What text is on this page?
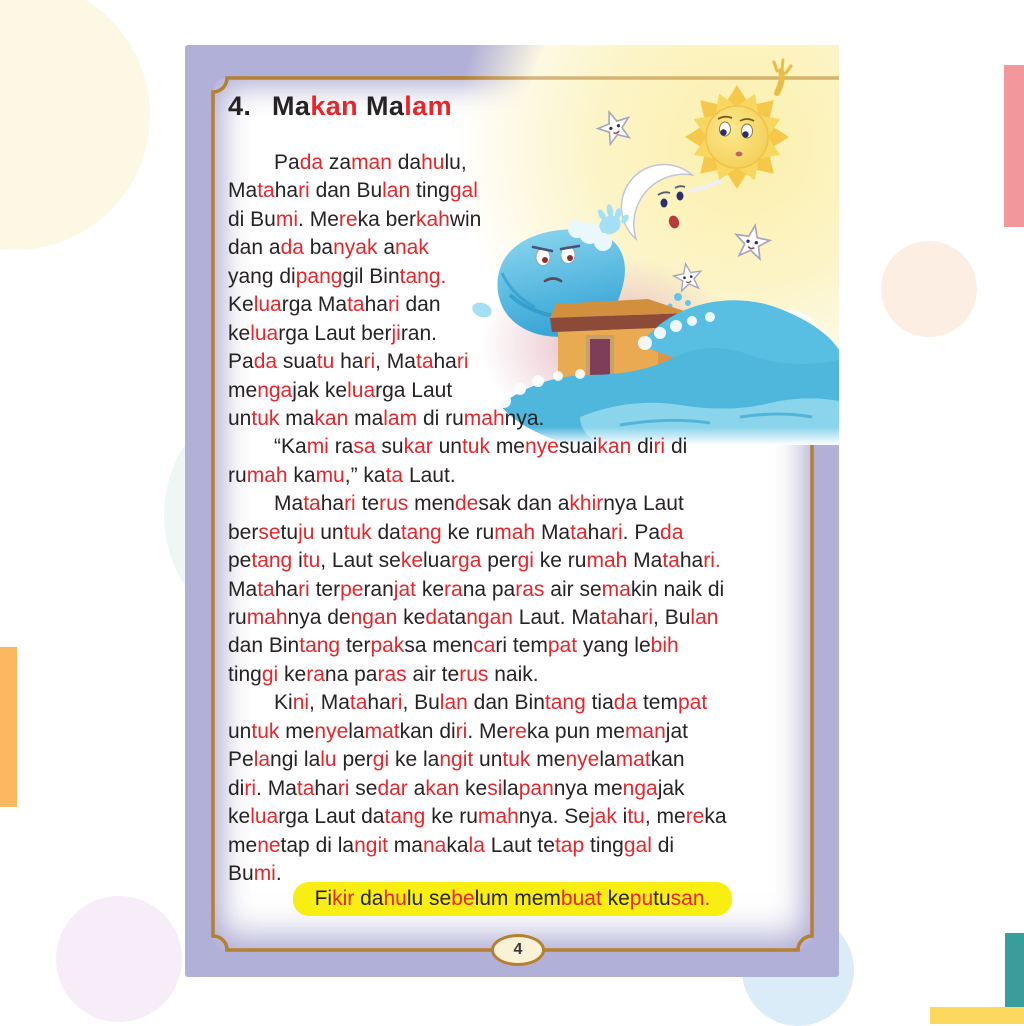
4. Makan Malam
Pada zaman dahulu,
Matahari dan Bulan tinggal
di Bumi. Mereka berkahwin
dan ada banyak anak
yang dipanggil Bintang.
Keluarga Matahari dan
keluarga Laut berjiran.
Pada suatu hari, Matahari
mengajak keluarga Laut
untuk makan malam di rumahnya.
“Kami rasa sukar untuk menyesuaikan diri di
rumah kamu,” kata Laut.
Matahari terus mendesak dan akhirnya Laut
bersetuju untuk datang ke rumah Matahari. Pada
petang itu, Laut sekeluarga pergi ke rumah Matahari.
Matahari terperanjat kerana paras air semakin naik di
rumahnya dengan kedatangan Laut. Matahari, Bulan
dan Bintang terpaksa mencari tempat yang lebih
tinggi kerana paras air terus naik.
Kini, Matahari, Bulan dan Bintang tiada tempat
untuk menyelamatkan diri. Mereka pun memanjat
Pelangi lalu pergi ke langit untuk menyelamatkan
diri. Matahari sedar akan kesilapannya mengajak
keluarga Laut datang ke rumahnya. Sejak itu, mereka
menetap di langit manakala Laut tetap tinggal di
Bumi.
Fikir dahulu sebelum membuat keputusan.
4
